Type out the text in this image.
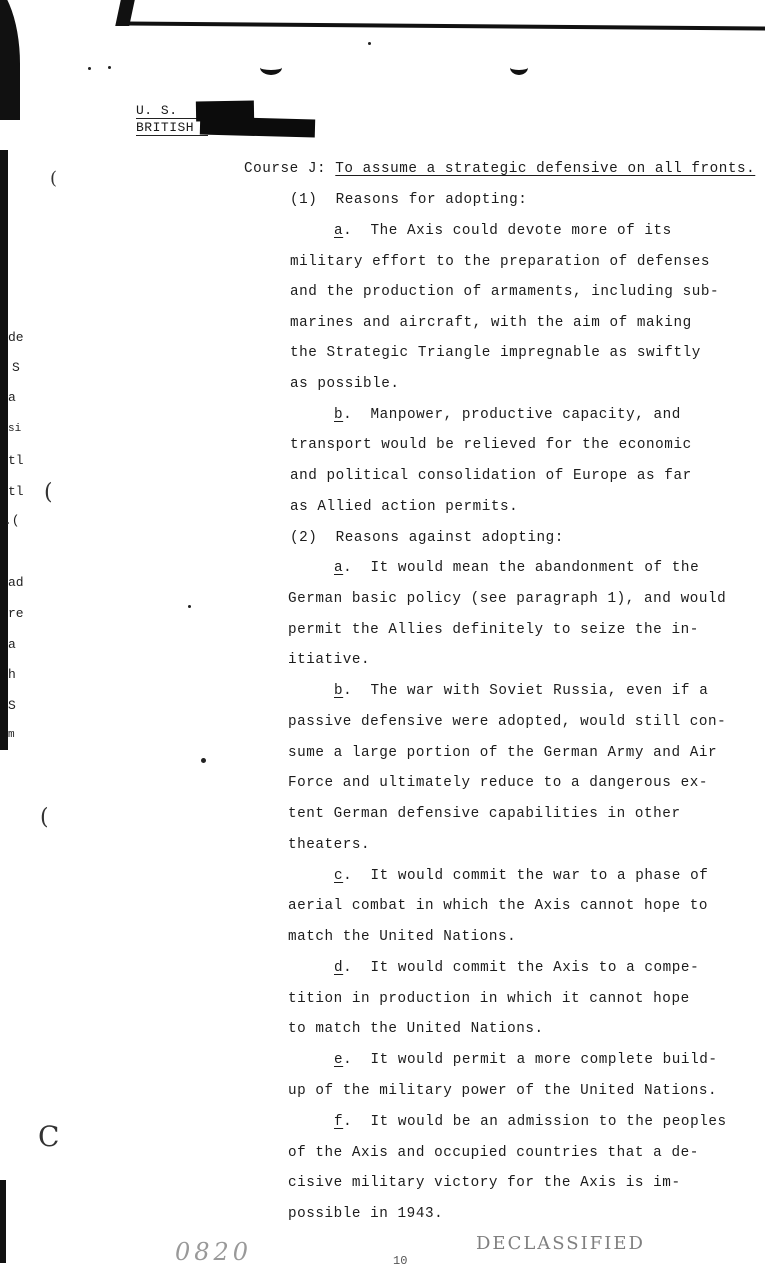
(
(
(
C
de
S
a
si
tl
tl
.(
ad
re
a
h
S
m
U. S.
BRITISH
Course J: To assume a strategic defensive on all fronts.
(1) Reasons for adopting:
a.  The Axis could devote more of its
military effort to the preparation of defenses
and the production of armaments, including sub-
marines and aircraft, with the aim of making
the Strategic Triangle impregnable as swiftly
as possible.
b.  Manpower, productive capacity, and
transport would be relieved for the economic
and political consolidation of Europe as far
as Allied action permits.
(2) Reasons against adopting:
a.  It would mean the abandonment of the
German basic policy (see paragraph 1), and would
permit the Allies definitely to seize the in-
itiative.
b.  The war with Soviet Russia, even if a
passive defensive were adopted, would still con-
sume a large portion of the German Army and Air
Force and ultimately reduce to a dangerous ex-
tent German defensive capabilities in other
theaters.
c.  It would commit the war to a phase of
aerial combat in which the Axis cannot hope to
match the United Nations.
d.  It would commit the Axis to a compe-
tition in production in which it cannot hope
to match the United Nations.
e.  It would permit a more complete build-
up of the military power of the United Nations.
f.  It would be an admission to the peoples
of the Axis and occupied countries that a de-
cisive military victory for the Axis is im-
possible in 1943.
0820	10
DECLASSIFIED
